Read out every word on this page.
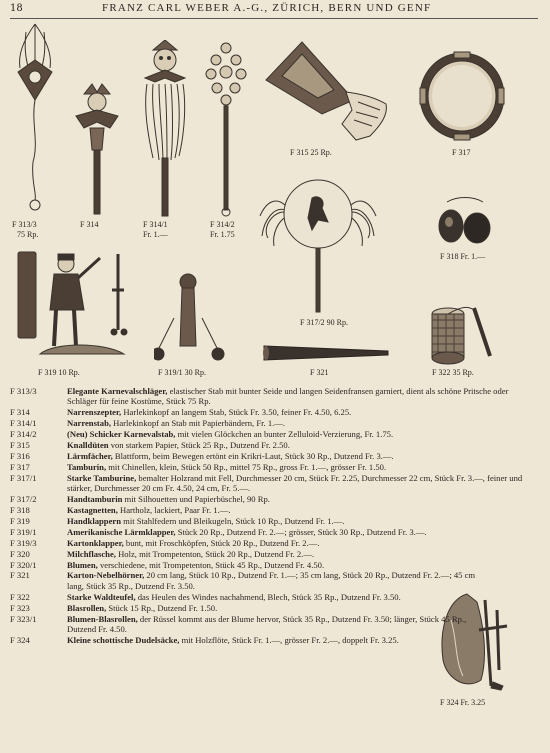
18	FRANZ CARL WEBER A.-G., ZÜRICH, BERN UND GENF
F 313/3
75 Rp.
F 314	F 314/1
Fr. 1.—
F 314/2
Fr. 1.75
F 315 25 Rp.	F 317
F 318 Fr. 1.—
F 317/2 90 Rp.
F 319 10 Rp.	F 319/1 30 Rp.	F 321	F 322 35 Rp.
F 324 Fr. 3.25
F 313/3	Elegante Karnevalschläger, elastischer Stab mit bunter Seide und langen Seidenfransen garniert, dient als schöne Pritsche oder Schläger für feine Kostüme, Stück 75 Rp.
F 314	Narrenszepter, Harlekinkopf an langem Stab, Stück Fr. 3.50, feiner Fr. 4.50, 6.25.
F 314/1	Narrenstab, Harlekinkopf an Stab mit Papierbändern, Fr. 1.—.
F 314/2	(Neu) Schicker Karnevalstab, mit vielen Glöckchen an bunter Zelluloid-Verzierung, Fr. 1.75.
F 315	Knalldüten von starkem Papier, Stück 25 Rp., Dutzend Fr. 2.50.
F 316	Lärmfächer, Blattform, beim Bewegen ertönt ein Krikri-Laut, Stück 30 Rp., Dutzend Fr. 3.—.
F 317	Tamburin, mit Chinellen, klein, Stück 50 Rp., mittel 75 Rp., gross Fr. 1.—, grösser Fr. 1.50.
F 317/1	Starke Tamburine, bemalter Holzrand mit Fell, Durchmesser 20 cm, Stück Fr. 2.25, Durchmesser 22 cm, Stück Fr. 3.—, feiner und stärker, Durchmesser 20 cm Fr. 4.50, 24 cm, Fr. 5.—.
F 317/2	Handtamburin mit Silhouetten und Papierbüschel, 90 Rp.
F 318	Kastagnetten, Hartholz, lackiert, Paar Fr. 1.—.
F 319	Handklappern mit Stahlfedern und Bleikugeln, Stück 10 Rp., Dutzend Fr. 1.—.
F 319/1	Amerikanische Lärmklapper, Stück 20 Rp., Dutzend Fr. 2.—; grösser, Stück 30 Rp., Dutzend Fr. 3.—.
F 319/3	Kartonklapper, bunt, mit Froschköpfen, Stück 20 Rp., Dutzend Fr. 2.—.
F 320	Milchflasche, Holz, mit Trompetenton, Stück 20 Rp., Dutzend Fr. 2.—.
F 320/1	Blumen, verschiedene, mit Trompetenton, Stück 45 Rp., Dutzend Fr. 4.50.
F 321	Karton-Nebelhörner, 20 cm lang, Stück 10 Rp., Dutzend Fr. 1.—; 35 cm lang, Stück 20 Rp., Dutzend Fr. 2.—; 45 cm lang, Stück 35 Rp., Dutzend Fr. 3.50.
F 322	Starke Waldteufel, das Heulen des Windes nachahmend, Blech, Stück 35 Rp., Dutzend Fr. 3.50.
F 323	Blasrollen, Stück 15 Rp., Dutzend Fr. 1.50.
F 323/1	Blumen-Blasrollen, der Rüssel kommt aus der Blume hervor, Stück 35 Rp., Dutzend Fr. 3.50; länger, Stück 45 Rp., Dutzend Fr. 4.50.
F 324	Kleine schottische Dudelsäcke, mit Holzflöte, Stück Fr. 1.—, grösser Fr. 2.—, doppelt Fr. 3.25.
